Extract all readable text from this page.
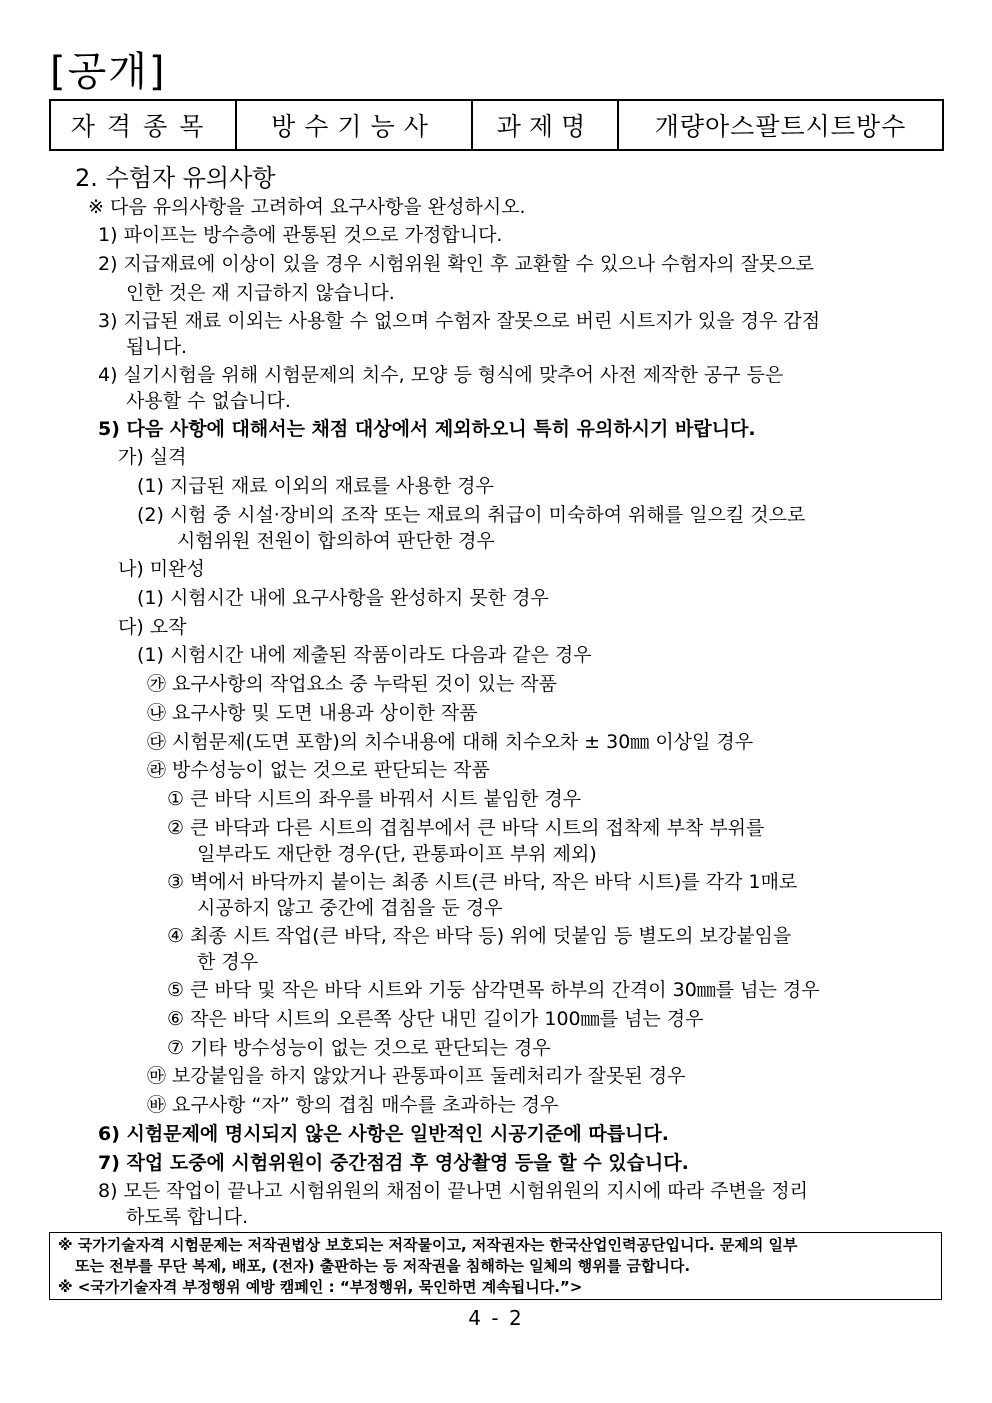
[공개]
자격종목	방수기능사	과제명	개량아스팔트시트방수
2. 수험자 유의사항
※ 다음 유의사항을 고려하여 요구사항을 완성하시오.
1) 파이프는 방수층에 관통된 것으로 가정합니다.
2) 지급재료에 이상이 있을 경우 시험위원 확인 후 교환할 수 있으나 수험자의 잘못으로
인한 것은 재 지급하지 않습니다.
3) 지급된 재료 이외는 사용할 수 없으며 수험자 잘못으로 버린 시트지가 있을 경우 감점
됩니다.
4) 실기시험을 위해 시험문제의 치수, 모양 등 형식에 맞추어 사전 제작한 공구 등은
사용할 수 없습니다.
5) 다음 사항에 대해서는 채점 대상에서 제외하오니 특히 유의하시기 바랍니다.
가) 실격
(1) 지급된 재료 이외의 재료를 사용한 경우
(2) 시험 중 시설·장비의 조작 또는 재료의 취급이 미숙하여 위해를 일으킬 것으로
시험위원 전원이 합의하여 판단한 경우
나) 미완성
(1) 시험시간 내에 요구사항을 완성하지 못한 경우
다) 오작
(1) 시험시간 내에 제출된 작품이라도 다음과 같은 경우
㉮ 요구사항의 작업요소 중 누락된 것이 있는 작품
㉯ 요구사항 및 도면 내용과 상이한 작품
㉰ 시험문제(도면 포함)의 치수내용에 대해 치수오차 ± 30㎜ 이상일 경우
㉱ 방수성능이 없는 것으로 판단되는 작품
① 큰 바닥 시트의 좌우를 바꿔서 시트 붙임한 경우
② 큰 바닥과 다른 시트의 겹침부에서 큰 바닥 시트의 접착제 부착 부위를
일부라도 재단한 경우(단, 관통파이프 부위 제외)
③ 벽에서 바닥까지 붙이는 최종 시트(큰 바닥, 작은 바닥 시트)를 각각 1매로
시공하지 않고 중간에 겹침을 둔 경우
④ 최종 시트 작업(큰 바닥, 작은 바닥 등) 위에 덧붙임 등 별도의 보강붙임을
한 경우
⑤ 큰 바닥 및 작은 바닥 시트와 기둥 삼각면목 하부의 간격이 30㎜를 넘는 경우
⑥ 작은 바닥 시트의 오른쪽 상단 내민 길이가 100㎜를 넘는 경우
⑦ 기타 방수성능이 없는 것으로 판단되는 경우
㉲ 보강붙임을 하지 않았거나 관통파이프 둘레처리가 잘못된 경우
㉳ 요구사항 “자” 항의 겹침 매수를 초과하는 경우
6) 시험문제에 명시되지 않은 사항은 일반적인 시공기준에 따릅니다.
7) 작업 도중에 시험위원이 중간점검 후 영상촬영 등을 할 수 있습니다.
8) 모든 작업이 끝나고 시험위원의 채점이 끝나면 시험위원의 지시에 따라 주변을 정리
하도록 합니다.
※ 국가기술자격 시험문제는 저작권법상 보호되는 저작물이고, 저작권자는 한국산업인력공단입니다. 문제의 일부
또는 전부를 무단 복제, 배포, (전자) 출판하는 등 저작권을 침해하는 일체의 행위를 금합니다.
※ <국가기술자격 부정행위 예방 캠페인 : “부정행위, 묵인하면 계속됩니다.”>
4 - 2
